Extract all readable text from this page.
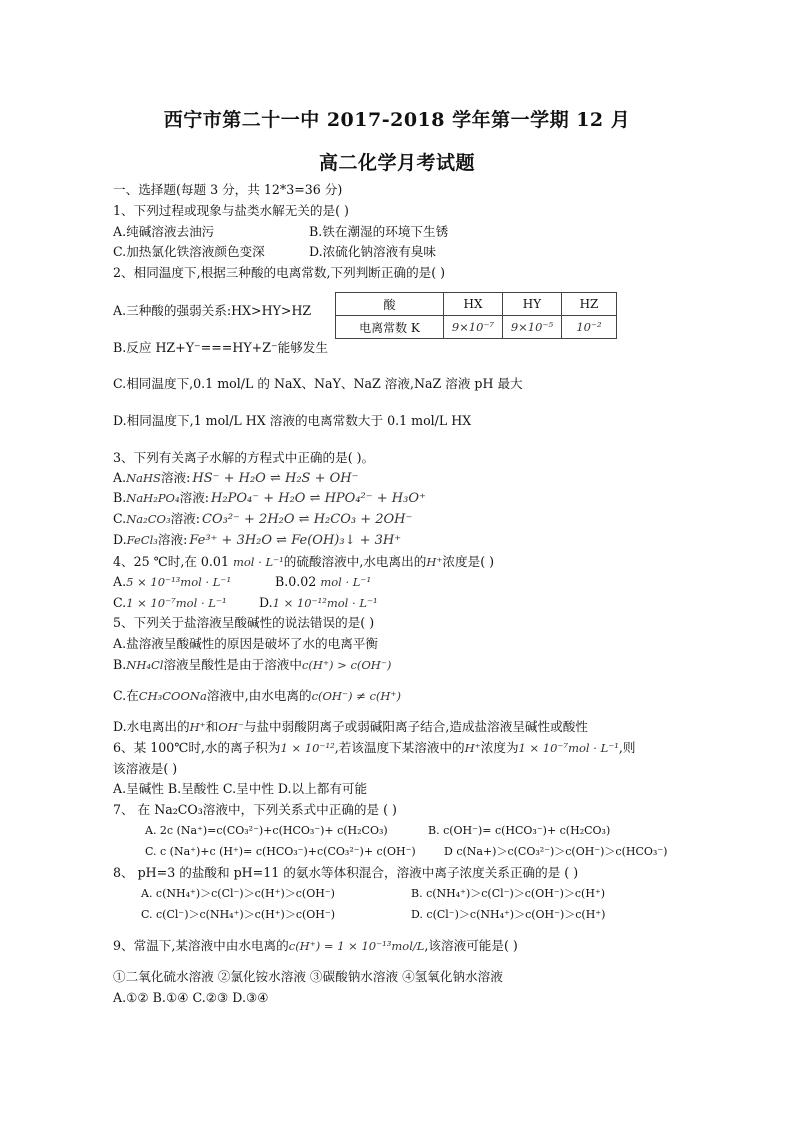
西宁市第二十一中 2017-2018 学年第一学期 12 月
高二化学月考试题
一、选择题(每题 3 分，共 12*3=36 分)
1、下列过程或现象与盐类水解无关的是( )
A.纯碱溶液去油污	B.铁在潮湿的环境下生锈
C.加热氯化铁溶液颜色变深	D.浓硫化钠溶液有臭味
2、相同温度下,根据三种酸的电离常数,下列判断正确的是( )
A.三种酸的强弱关系:HX>HY>HZ	酸	HX	HY	HZ
电离常数 K	9×10⁻⁷	9×10⁻⁵	10⁻²
B.反应 HZ+Y⁻===HY+Z⁻能够发生
C.相同温度下,0.1 mol/L 的 NaX、NaY、NaZ 溶液,NaZ 溶液 pH 最大
D.相同温度下,1 mol/L HX 溶液的电离常数大于 0.1 mol/L HX
3、下列有关离子水解的方程式中正确的是( )。
A.NaHS溶液: HS⁻ + H₂O ⇌ H₂S + OH⁻
B.NaH₂PO₄溶液: H₂PO₄⁻ + H₂O ⇌ HPO₄²⁻ + H₃O⁺
C.Na₂CO₃溶液: CO₃²⁻ + 2H₂O ⇌ H₂CO₃ + 2OH⁻
D.FeCl₃溶液: Fe³⁺ + 3H₂O ⇌ Fe(OH)₃↓ + 3H⁺
4、25 ℃时,在 0.01 mol · L⁻¹的硫酸溶液中,水电离出的H⁺浓度是( )
A.5 × 10⁻¹³mol · L⁻¹	B.0.02 mol · L⁻¹
C.1 × 10⁻⁷mol · L⁻¹	D.1 × 10⁻¹²mol · L⁻¹
5、下列关于盐溶液呈酸碱性的说法错误的是( )
A.盐溶液呈酸碱性的原因是破坏了水的电离平衡
B.NH₄Cl溶液呈酸性是由于溶液中c(H⁺) > c(OH⁻)
C.在CH₃COONa溶液中,由水电离的c(OH⁻) ≠ c(H⁺)
D.水电离出的H⁺和OH⁻与盐中弱酸阴离子或弱碱阳离子结合,造成盐溶液呈碱性或酸性
6、某 100℃时,水的离子积为1 × 10⁻¹²,若该温度下某溶液中的H⁺浓度为1 × 10⁻⁷mol · L⁻¹,则
该溶液是( )
A.呈碱性 B.呈酸性 C.呈中性 D.以上都有可能
7、 在 Na₂CO₃溶液中，下列关系式中正确的是 ( )
A. 2c (Na⁺)=c(CO₃²⁻)+c(HCO₃⁻)+ c(H₂CO₃)	B. c(OH⁻)= c(HCO₃⁻)+ c(H₂CO₃)
C. c (Na⁺)+c (H⁺)= c(HCO₃⁻)+c(CO₃²⁻)+ c(OH⁻)	D c(Na+)＞c(CO₃²⁻)＞c(OH⁻)＞c(HCO₃⁻)
8、 pH=3 的盐酸和 pH=11 的氨水等体积混合，溶液中离子浓度关系正确的是 ( )
A. c(NH₄⁺)＞c(Cl⁻)＞c(H⁺)＞c(OH⁻)	B. c(NH₄⁺)＞c(Cl⁻)＞c(OH⁻)＞c(H⁺)
C. c(Cl⁻)＞c(NH₄⁺)＞c(H⁺)＞c(OH⁻)	D. c(Cl⁻)＞c(NH₄⁺)＞c(OH⁻)＞c(H⁺)
9、常温下,某溶液中由水电离的c(H⁺) = 1 × 10⁻¹³mol/L,该溶液可能是( )
①二氧化硫水溶液 ②氯化铵水溶液 ③碳酸钠水溶液 ④氢氧化钠水溶液
A.①② B.①④ C.②③ D.③④
